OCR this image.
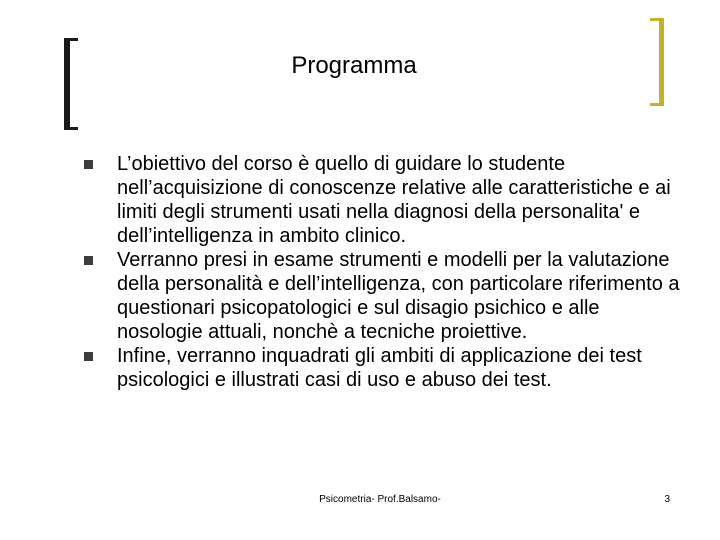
Programma
L’obiettivo del corso è quello di guidare lo studente nell’acquisizione di conoscenze relative alle caratteristiche e ai limiti degli strumenti usati nella diagnosi della personalita' e dell’intelligenza in ambito clinico.
Verranno presi in esame strumenti e modelli per la valutazione della personalità e dell’intelligenza, con particolare riferimento a questionari psicopatologici e sul disagio psichico e alle nosologie attuali, nonchè a tecniche proiettive.
Infine, verranno inquadrati gli ambiti di applicazione dei test psicologici e illustrati casi di uso e abuso dei test.
Psicometria- Prof.Balsamo-	3
